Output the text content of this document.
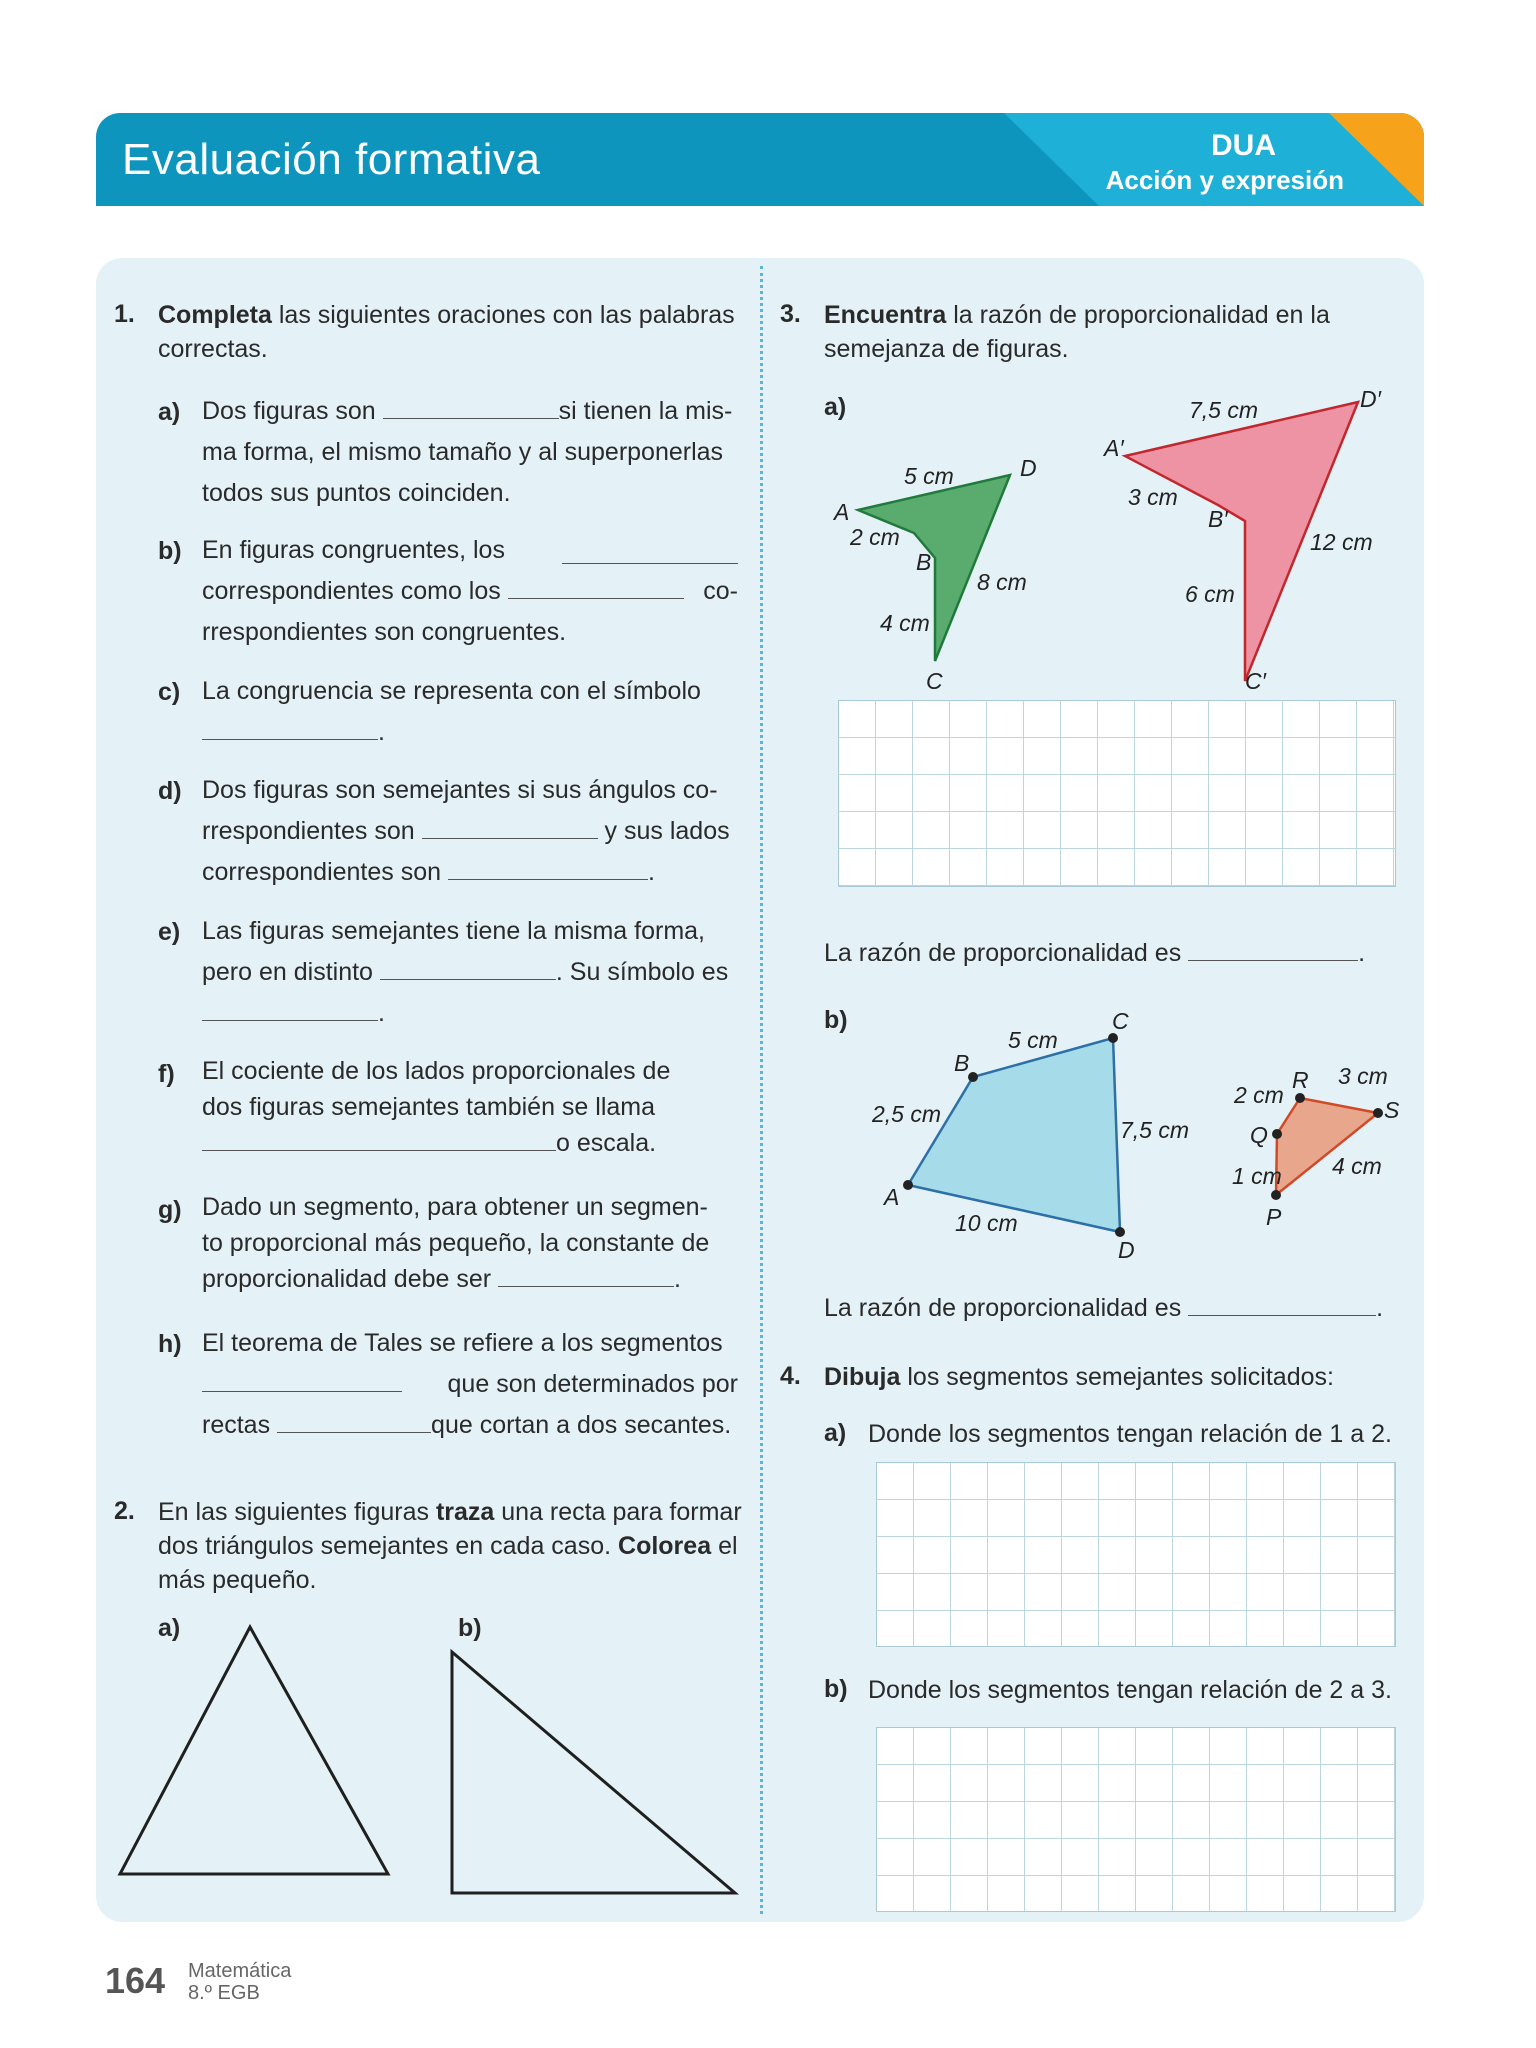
Evaluación formativa	DUA
Acción y expresión
1. Completa las siguientes oraciones con las palabras correctas.
a) Dos figuras son	si tienen la mis-
ma forma, el mismo tamaño y al superponerlas
todos sus puntos coinciden.
b) En figuras congruentes, los

correspondientes como los	co-

rrespondientes son congruentes.
c) La congruencia se representa con el símbolo
.
d) Dos figuras son semejantes si sus ángulos co-
rrespondientes son	y sus lados
correspondientes son	.
e) Las figuras semejantes tiene la misma forma,
pero en distinto	. Su símbolo es
.
f) El cociente de los lados proporcionales de
dos figuras semejantes también se llama
o escala.
g) Dado un segmento, para obtener un segmen-
to proporcional más pequeño, la constante de
proporcionalidad debe ser	.
h) El teorema de Tales se refiere a los segmentos

que son determinados por

rectas	que cortan a dos secantes.
2. En las siguientes figuras traza una recta para formar
dos triángulos semejantes en cada caso. Colorea el
más pequeño.
a)	b)
3. Encuentra la razón de proporcionalidad en la
semejanza de figuras.
a)
A
B
C
D
5 cm
2 cm
8 cm
4 cm
A′
B′
C′
D′
7,5 cm
3 cm
12 cm
6 cm
La razón de proporcionalidad es	.
b)
A
B
C
D
5 cm
2,5 cm
7,5 cm
10 cm	P
Q
R
S
2 cm
3 cm
1 cm 4 cm
La razón de proporcionalidad es	.
4. Dibuja los segmentos semejantes solicitados:
a) Donde los segmentos tengan relación de 1 a 2.
b) Donde los segmentos tengan relación de 2 a 3.
164 Matemática
8.º EGB
